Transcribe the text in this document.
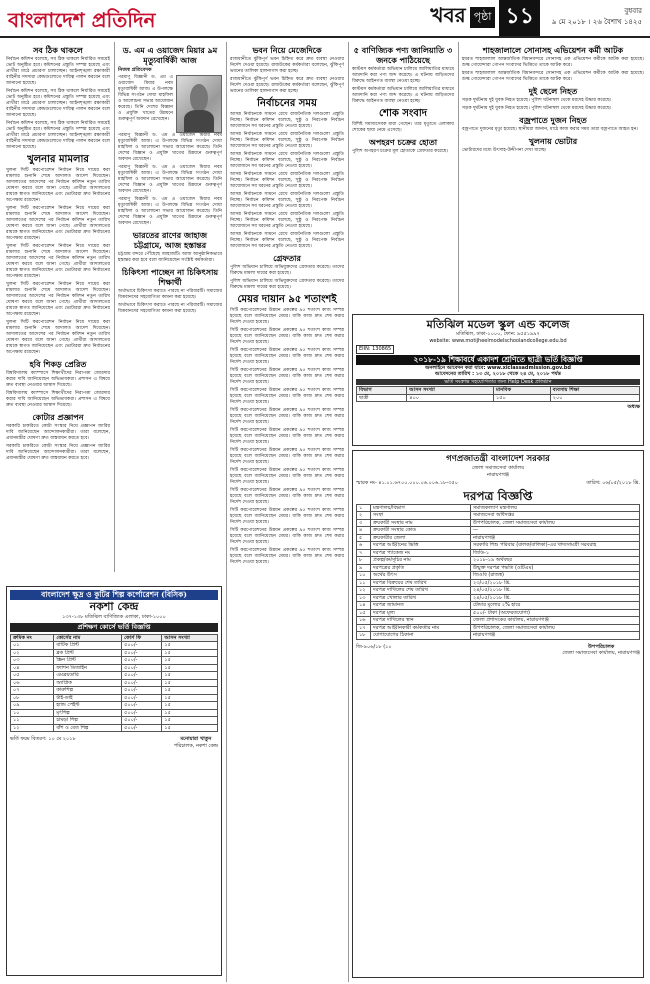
বাংলাদেশ প্রতিদিন	খবর পৃষ্ঠা ১১	বুধবার
৯ মে ২০১৮ । ২৬ বৈশাখ ১৪২৫
সব ঠিক থাকলে

নির্বাচন কমিশন বলেছে, সব ঠিক থাকলে নির্ধারিত সময়েই ভোট অনুষ্ঠিত হবে। কমিশনের প্রস্তুতি সম্পন্ন হয়েছে এবং প্রার্থীরা মাঠে প্রচারণা চালাচ্ছেন। আইনশৃঙ্খলা রক্ষাকারী বাহিনীর সদস্যরা কেন্দ্রগুলোতে দায়িত্ব পালন করবেন বলে জানানো হয়েছে।

নির্বাচন কমিশন বলেছে, সব ঠিক থাকলে নির্ধারিত সময়েই ভোট অনুষ্ঠিত হবে। কমিশনের প্রস্তুতি সম্পন্ন হয়েছে এবং প্রার্থীরা মাঠে প্রচারণা চালাচ্ছেন। আইনশৃঙ্খলা রক্ষাকারী বাহিনীর সদস্যরা কেন্দ্রগুলোতে দায়িত্ব পালন করবেন বলে জানানো হয়েছে।

নির্বাচন কমিশন বলেছে, সব ঠিক থাকলে নির্ধারিত সময়েই ভোট অনুষ্ঠিত হবে। কমিশনের প্রস্তুতি সম্পন্ন হয়েছে এবং প্রার্থীরা মাঠে প্রচারণা চালাচ্ছেন। আইনশৃঙ্খলা রক্ষাকারী বাহিনীর সদস্যরা কেন্দ্রগুলোতে দায়িত্ব পালন করবেন বলে জানানো হয়েছে।

খুলনার মামলার

খুলনা সিটি করপোরেশন নির্বাচন নিয়ে দায়ের করা মামলার শুনানি শেষে আদালত আদেশ দিয়েছেন। আদালতের আদেশের পর নির্বাচন কমিশন নতুন তারিখ ঘোষণা করবে বলে জানা গেছে। প্রার্থীরা আদালতের রায়কে স্বাগত জানিয়েছেন এবং ভোটাররা দ্রুত নির্বাচনের অপেক্ষায় রয়েছেন।

খুলনা সিটি করপোরেশন নির্বাচন নিয়ে দায়ের করা মামলার শুনানি শেষে আদালত আদেশ দিয়েছেন। আদালতের আদেশের পর নির্বাচন কমিশন নতুন তারিখ ঘোষণা করবে বলে জানা গেছে। প্রার্থীরা আদালতের রায়কে স্বাগত জানিয়েছেন এবং ভোটাররা দ্রুত নির্বাচনের অপেক্ষায় রয়েছেন।

খুলনা সিটি করপোরেশন নির্বাচন নিয়ে দায়ের করা মামলার শুনানি শেষে আদালত আদেশ দিয়েছেন। আদালতের আদেশের পর নির্বাচন কমিশন নতুন তারিখ ঘোষণা করবে বলে জানা গেছে। প্রার্থীরা আদালতের রায়কে স্বাগত জানিয়েছেন এবং ভোটাররা দ্রুত নির্বাচনের অপেক্ষায় রয়েছেন।

খুলনা সিটি করপোরেশন নির্বাচন নিয়ে দায়ের করা মামলার শুনানি শেষে আদালত আদেশ দিয়েছেন। আদালতের আদেশের পর নির্বাচন কমিশন নতুন তারিখ ঘোষণা করবে বলে জানা গেছে। প্রার্থীরা আদালতের রায়কে স্বাগত জানিয়েছেন এবং ভোটাররা দ্রুত নির্বাচনের অপেক্ষায় রয়েছেন।

খুলনা সিটি করপোরেশন নির্বাচন নিয়ে দায়ের করা মামলার শুনানি শেষে আদালত আদেশ দিয়েছেন। আদালতের আদেশের পর নির্বাচন কমিশন নতুন তারিখ ঘোষণা করবে বলে জানা গেছে। প্রার্থীরা আদালতের রায়কে স্বাগত জানিয়েছেন এবং ভোটাররা দ্রুত নির্বাচনের অপেক্ষায় রয়েছেন।

হবি শিকড় প্রেরিত

বিশ্ববিদ্যালয় ক্যাম্পাসে শিক্ষার্থীদের নিরাপত্তা জোরদার করার দাবি জানিয়েছেন অভিভাবকরা। প্রশাসন এ বিষয়ে দ্রুত ব্যবস্থা নেওয়ার আশ্বাস দিয়েছে।

বিশ্ববিদ্যালয় ক্যাম্পাসে শিক্ষার্থীদের নিরাপত্তা জোরদার করার দাবি জানিয়েছেন অভিভাবকরা। প্রশাসন এ বিষয়ে দ্রুত ব্যবস্থা নেওয়ার আশ্বাস দিয়েছে।

কোটার প্রজ্ঞাপন

সরকারি চাকরিতে কোটা সংস্কার নিয়ে প্রজ্ঞাপন জারির দাবি জানিয়েছেন আন্দোলনকারীরা। তারা বলেছেন, প্রধানমন্ত্রীর ঘোষণা দ্রুত বাস্তবায়ন করতে হবে।

সরকারি চাকরিতে কোটা সংস্কার নিয়ে প্রজ্ঞাপন জারির দাবি জানিয়েছেন আন্দোলনকারীরা। তারা বলেছেন, প্রধানমন্ত্রীর ঘোষণা দ্রুত বাস্তবায়ন করতে হবে।

ড. এম এ ওয়াজেদ মিয়ার ৯ম মৃত্যুবার্ষিকী আজ
নিজস্ব প্রতিবেদক

পরমাণু বিজ্ঞানী ড. এম এ ওয়াজেদ মিয়ার নবম মৃত্যুবার্ষিকী আজ। এ উপলক্ষে বিভিন্ন সংগঠন দোয়া মাহফিল ও আলোচনা সভার আয়োজন করেছে। তিনি দেশের বিজ্ঞান ও প্রযুক্তি খাতের উন্নয়নে গুরুত্বপূর্ণ অবদান রেখেছেন।

পরমাণু বিজ্ঞানী ড. এম এ ওয়াজেদ মিয়ার নবম মৃত্যুবার্ষিকী আজ। এ উপলক্ষে বিভিন্ন সংগঠন দোয়া মাহফিল ও আলোচনা সভার আয়োজন করেছে। তিনি দেশের বিজ্ঞান ও প্রযুক্তি খাতের উন্নয়নে গুরুত্বপূর্ণ অবদান রেখেছেন।

পরমাণু বিজ্ঞানী ড. এম এ ওয়াজেদ মিয়ার নবম মৃত্যুবার্ষিকী আজ। এ উপলক্ষে বিভিন্ন সংগঠন দোয়া মাহফিল ও আলোচনা সভার আয়োজন করেছে। তিনি দেশের বিজ্ঞান ও প্রযুক্তি খাতের উন্নয়নে গুরুত্বপূর্ণ অবদান রেখেছেন।

পরমাণু বিজ্ঞানী ড. এম এ ওয়াজেদ মিয়ার নবম মৃত্যুবার্ষিকী আজ। এ উপলক্ষে বিভিন্ন সংগঠন দোয়া মাহফিল ও আলোচনা সভার আয়োজন করেছে। তিনি দেশের বিজ্ঞান ও প্রযুক্তি খাতের উন্নয়নে গুরুত্বপূর্ণ অবদান রেখেছেন।

ভারতের রাণের জাহাজ চট্টগ্রামে, আজ হস্তান্তর

চট্টগ্রাম বন্দরে পৌঁছেছে জাহাজটি। আজ আনুষ্ঠানিকভাবে হস্তান্তর করা হবে বলে জানিয়েছেন সংশ্লিষ্ট কর্মকর্তারা।

চিকিৎসা পাচ্ছেন না চিকিৎসায় শিক্ষার্থী

অর্থাভাবে চিকিৎসা করাতে পারছে না পরিবারটি। সমাজের বিত্তবানদের সহযোগিতা কামনা করা হয়েছে।

অর্থাভাবে চিকিৎসা করাতে পারছে না পরিবারটি। সমাজের বিত্তবানদের সহযোগিতা কামনা করা হয়েছে।

বাংলাদেশ ক্ষুদ্র ও কুটির শিল্প কর্পোরেশন (বিসিক)
নকশা কেন্দ্র
১৩৭-১৩৮ মতিঝিল বাণিজ্যিক এলাকা, ঢাকা-১০০০
প্রশিক্ষণ কোর্সে ভর্তি বিজ্ঞপ্তি
ক্রমিক নং	কোর্সের নাম	কোর্স ফি	আসন সংখ্যা
০১	বাটিক প্রিন্ট	৫০০/-	১৫
০২	ব্লক প্রিন্ট	৫০০/-	১৫
০৩	স্ক্রিন প্রিন্ট	৫০০/-	১৫
০৪	ফ্যাশন ডিজাইন	৫০০/-	১৫
০৫	এমব্রয়ডারি	৫০০/-	১৫
০৬	অ্যাপ্লিক	৫০০/-	১৫
০৭	কারুশিল্প	৫০০/-	১৫
০৮	টাই-ডাই	৫০০/-	১৫
০৯	হ্যান্ড পেইন্ট	৫০০/-	১৫
১০	মৃৎশিল্প	৫০০/-	১৫
১১	চামড়া শিল্প	৫০০/-	১৫
১২	বাঁশ ও বেত শিল্প	৫০০/-	১৫
ভর্তি ফরম বিতরণ: ১০ মে ২০১৮	মনোয়ারা খাতুন
পরিচালক, নকশা কেন্দ্র
ভবন নিয়ে মেজেদিকে

রাজধানীতে ঝুঁকিপূর্ণ ভবন চিহ্নিত করে দ্রুত ব্যবস্থা নেওয়ার নির্দেশ দেওয়া হয়েছে। রাজউকের কর্মকর্তারা বলেছেন, ঝুঁকিপূর্ণ ভবনের তালিকা হালনাগাদ করা হচ্ছে।

রাজধানীতে ঝুঁকিপূর্ণ ভবন চিহ্নিত করে দ্রুত ব্যবস্থা নেওয়ার নির্দেশ দেওয়া হয়েছে। রাজউকের কর্মকর্তারা বলেছেন, ঝুঁকিপূর্ণ ভবনের তালিকা হালনাগাদ করা হচ্ছে।

নির্বাচনের সময়

আসন্ন নির্বাচনকে সামনে রেখে রাজনৈতিক দলগুলো প্রস্তুতি নিচ্ছে। নির্বাচন কমিশন বলেছে, সুষ্ঠু ও নিরপেক্ষ নির্বাচন আয়োজনে সব ধরনের প্রস্তুতি নেওয়া হয়েছে।

আসন্ন নির্বাচনকে সামনে রেখে রাজনৈতিক দলগুলো প্রস্তুতি নিচ্ছে। নির্বাচন কমিশন বলেছে, সুষ্ঠু ও নিরপেক্ষ নির্বাচন আয়োজনে সব ধরনের প্রস্তুতি নেওয়া হয়েছে।

আসন্ন নির্বাচনকে সামনে রেখে রাজনৈতিক দলগুলো প্রস্তুতি নিচ্ছে। নির্বাচন কমিশন বলেছে, সুষ্ঠু ও নিরপেক্ষ নির্বাচন আয়োজনে সব ধরনের প্রস্তুতি নেওয়া হয়েছে।

আসন্ন নির্বাচনকে সামনে রেখে রাজনৈতিক দলগুলো প্রস্তুতি নিচ্ছে। নির্বাচন কমিশন বলেছে, সুষ্ঠু ও নিরপেক্ষ নির্বাচন আয়োজনে সব ধরনের প্রস্তুতি নেওয়া হয়েছে।

আসন্ন নির্বাচনকে সামনে রেখে রাজনৈতিক দলগুলো প্রস্তুতি নিচ্ছে। নির্বাচন কমিশন বলেছে, সুষ্ঠু ও নিরপেক্ষ নির্বাচন আয়োজনে সব ধরনের প্রস্তুতি নেওয়া হয়েছে।

আসন্ন নির্বাচনকে সামনে রেখে রাজনৈতিক দলগুলো প্রস্তুতি নিচ্ছে। নির্বাচন কমিশন বলেছে, সুষ্ঠু ও নিরপেক্ষ নির্বাচন আয়োজনে সব ধরনের প্রস্তুতি নেওয়া হয়েছে।

আসন্ন নির্বাচনকে সামনে রেখে রাজনৈতিক দলগুলো প্রস্তুতি নিচ্ছে। নির্বাচন কমিশন বলেছে, সুষ্ঠু ও নিরপেক্ষ নির্বাচন আয়োজনে সব ধরনের প্রস্তুতি নেওয়া হয়েছে।

গ্রেফতার

পুলিশ অভিযান চালিয়ে অভিযুক্তদের গ্রেফতার করেছে। তাদের বিরুদ্ধে মামলা দায়ের করা হয়েছে।

পুলিশ অভিযান চালিয়ে অভিযুক্তদের গ্রেফতার করেছে। তাদের বিরুদ্ধে মামলা দায়ের করা হয়েছে।

মেয়র দায়ান ৯৫ শতাংশই

সিটি করপোরেশনের উন্নয়ন প্রকল্পের ৯৫ শতাংশ কাজ সম্পন্ন হয়েছে বলে জানিয়েছেন মেয়র। বাকি কাজ দ্রুত শেষ করার নির্দেশ দেওয়া হয়েছে।

সিটি করপোরেশনের উন্নয়ন প্রকল্পের ৯৫ শতাংশ কাজ সম্পন্ন হয়েছে বলে জানিয়েছেন মেয়র। বাকি কাজ দ্রুত শেষ করার নির্দেশ দেওয়া হয়েছে।

সিটি করপোরেশনের উন্নয়ন প্রকল্পের ৯৫ শতাংশ কাজ সম্পন্ন হয়েছে বলে জানিয়েছেন মেয়র। বাকি কাজ দ্রুত শেষ করার নির্দেশ দেওয়া হয়েছে।

সিটি করপোরেশনের উন্নয়ন প্রকল্পের ৯৫ শতাংশ কাজ সম্পন্ন হয়েছে বলে জানিয়েছেন মেয়র। বাকি কাজ দ্রুত শেষ করার নির্দেশ দেওয়া হয়েছে।

সিটি করপোরেশনের উন্নয়ন প্রকল্পের ৯৫ শতাংশ কাজ সম্পন্ন হয়েছে বলে জানিয়েছেন মেয়র। বাকি কাজ দ্রুত শেষ করার নির্দেশ দেওয়া হয়েছে।

সিটি করপোরেশনের উন্নয়ন প্রকল্পের ৯৫ শতাংশ কাজ সম্পন্ন হয়েছে বলে জানিয়েছেন মেয়র। বাকি কাজ দ্রুত শেষ করার নির্দেশ দেওয়া হয়েছে।

সিটি করপোরেশনের উন্নয়ন প্রকল্পের ৯৫ শতাংশ কাজ সম্পন্ন হয়েছে বলে জানিয়েছেন মেয়র। বাকি কাজ দ্রুত শেষ করার নির্দেশ দেওয়া হয়েছে।

সিটি করপোরেশনের উন্নয়ন প্রকল্পের ৯৫ শতাংশ কাজ সম্পন্ন হয়েছে বলে জানিয়েছেন মেয়র। বাকি কাজ দ্রুত শেষ করার নির্দেশ দেওয়া হয়েছে।

সিটি করপোরেশনের উন্নয়ন প্রকল্পের ৯৫ শতাংশ কাজ সম্পন্ন হয়েছে বলে জানিয়েছেন মেয়র। বাকি কাজ দ্রুত শেষ করার নির্দেশ দেওয়া হয়েছে।

সিটি করপোরেশনের উন্নয়ন প্রকল্পের ৯৫ শতাংশ কাজ সম্পন্ন হয়েছে বলে জানিয়েছেন মেয়র। বাকি কাজ দ্রুত শেষ করার নির্দেশ দেওয়া হয়েছে।

সিটি করপোরেশনের উন্নয়ন প্রকল্পের ৯৫ শতাংশ কাজ সম্পন্ন হয়েছে বলে জানিয়েছেন মেয়র। বাকি কাজ দ্রুত শেষ করার নির্দেশ দেওয়া হয়েছে।

সিটি করপোরেশনের উন্নয়ন প্রকল্পের ৯৫ শতাংশ কাজ সম্পন্ন হয়েছে বলে জানিয়েছেন মেয়র। বাকি কাজ দ্রুত শেষ করার নির্দেশ দেওয়া হয়েছে।

সিটি করপোরেশনের উন্নয়ন প্রকল্পের ৯৫ শতাংশ কাজ সম্পন্ন হয়েছে বলে জানিয়েছেন মেয়র। বাকি কাজ দ্রুত শেষ করার নির্দেশ দেওয়া হয়েছে।

৫ বাণিজ্যিক পণ্য জালিয়াতি ৩ জনকে পাঠিয়েছে

কাস্টমস কর্মকর্তারা অভিযান চালিয়ে জালিয়াতির মাধ্যমে আমদানি করা পণ্য জব্দ করেছে। এ ঘটনায় জড়িতদের বিরুদ্ধে আইনগত ব্যবস্থা নেওয়া হচ্ছে।

কাস্টমস কর্মকর্তারা অভিযান চালিয়ে জালিয়াতির মাধ্যমে আমদানি করা পণ্য জব্দ করেছে। এ ঘটনায় জড়িতদের বিরুদ্ধে আইনগত ব্যবস্থা নেওয়া হচ্ছে।

শোক সংবাদ

বিশিষ্ট সমাজসেবক মারা গেছেন। তার মৃত্যুতে এলাকায় শোকের ছায়া নেমে এসেছে।

অপহরণ চক্রের হোতা

পুলিশ অপহরণ চক্রের মূল হোতাকে গ্রেফতার করেছে।

শাহজালালে সোনাসহ এভিয়েশন কর্মী আটক

হযরত শাহজালাল আন্তর্জাতিক বিমানবন্দরে সোনাসহ এক এভিয়েশন কর্মীকে আটক করা হয়েছে। শুল্ক গোয়েন্দারা গোপন সংবাদের ভিত্তিতে তাকে আটক করে।

হযরত শাহজালাল আন্তর্জাতিক বিমানবন্দরে সোনাসহ এক এভিয়েশন কর্মীকে আটক করা হয়েছে। শুল্ক গোয়েন্দারা গোপন সংবাদের ভিত্তিতে তাকে আটক করে।

দুই ছেলে নিহত

সড়ক দুর্ঘটনায় দুই যুবক নিহত হয়েছে। পুলিশ ঘটনাস্থল থেকে মরদেহ উদ্ধার করেছে।

সড়ক দুর্ঘটনায় দুই যুবক নিহত হয়েছে। পুলিশ ঘটনাস্থল থেকে মরদেহ উদ্ধার করেছে।

বজ্রপাতে দুজন নিহত

বজ্রপাতে দুজনের মৃত্যু হয়েছে। স্থানীয়রা জানান, মাঠে কাজ করার সময় তারা বজ্রপাতে আহত হন।

খুলনায় ভোটার

ভোটারদের মধ্যে উৎসাহ-উদ্দীপনা দেখা যাচ্ছে।

মতিঝিল মডেল স্কুল এন্ড কলেজ
মতিঝিল, ঢাকা-১০০০, ফোন: ৯৫৫১৯৯৭
website: www.motijheelmodelschoolandcollege.edu.bd
EIIN: 130865
২০১৮-১৯ শিক্ষাবর্ষে একাদশ শ্রেণিতে ছাত্রী ভর্তি বিজ্ঞপ্তি
অনলাইনে আবেদন করা যাবে: www.xiclassadmission.gov.bd
আবেদনের তারিখ : ১৩ মে, ২০১৮ থেকে ২৪ মে, ২০১৮ পর্যন্ত
ভর্তি সংক্রান্ত সহযোগিতার জন্য Help Desk প্রতিষ্ঠান
বিভাগ	আসন সংখ্যা	মানবিক	ব্যবসায় শিক্ষা
ছাত্রী	৪০০	১৫০	২০০
অধ্যক্ষ
গণপ্রজাতন্ত্রী বাংলাদেশ সরকার
জেলা সমাজসেবা কার্যালয়
নারায়ণগঞ্জ
স্মারক নং- ৪১.০১.৬৭০০.০০০.০৬.০০৬.১৮-৩৫০	তারিখ: ০৬/০৫/২০১৮ খ্রি.
দরপত্র বিজ্ঞপ্তি
১	মন্ত্রণালয়/বিভাগ	সমাজকল্যাণ মন্ত্রণালয়
২	সংস্থা	সমাজসেবা অধিদপ্তর
৩	ক্রয়কারী সংস্থার নাম	উপপরিচালক, জেলা সমাজসেবা কার্যালয়
৪	ক্রয়কারী সংস্থার কোড	—
৫	ক্রয়কারীর জেলা	নারায়ণগঞ্জ
৬	দরপত্র আহ্বানের ভিত্তি	সরকারি শিশু পরিবার (বালক/বালিকা)-এর খাদ্যসামগ্রী সরবরাহ
৭	দরপত্র প্যাকেজ নং	জিডি-১
৮	প্রকল্প/কর্মসূচির নাম	২০১৮-১৯ অর্থবছর
৯	দরপত্রের প্রকৃতি	উন্মুক্ত দরপত্র পদ্ধতি (ওটিএম)
১০	অর্থের উৎস	জিওবি (রাজস্ব)
১১	দরপত্র বিক্রয়ের শেষ তারিখ	২৩/০৫/২০১৮ খ্রি.
১২	দরপত্র দাখিলের শেষ তারিখ	২৪/০৫/২০১৮ খ্রি.
১৩	দরপত্র খোলার তারিখ	২৪/০৫/২০১৮ খ্রি.
১৪	দরপত্র জামানত	টেন্ডার মূল্যের ২% হারে
১৫	দরপত্র মূল্য	৫০০/- টাকা (অফেরতযোগ্য)
১৬	দরপত্র দাখিলের স্থান	জেলা প্রশাসকের কার্যালয়, নারায়ণগঞ্জ
১৭	দরপত্র আহ্বানকারী কর্মকর্তার নাম	উপপরিচালক, জেলা সমাজসেবা কার্যালয়
১৮	যোগাযোগের ঠিকানা	নারায়ণগঞ্জ
জি-৯০৬/১৮ (১০	উপপরিচালক
জেলা সমাজসেবা কার্যালয়, নারায়ণগঞ্জ
